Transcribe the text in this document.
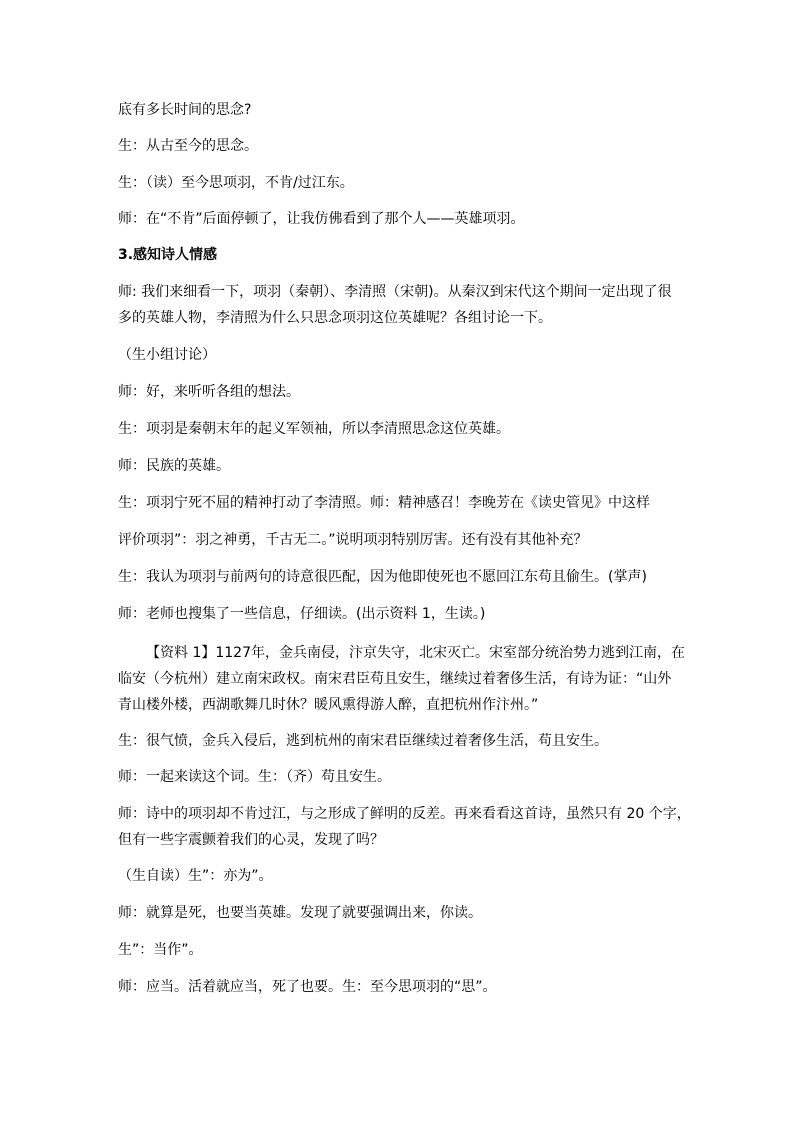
底有多长时间的思念?
生：从古至今的思念。
生：（读）至今思项羽，不肯/过江东。
师：在“不肯”后面停顿了，让我仿佛看到了那个人——英雄项羽。
3.感知诗人情感
师: 我们来细看一下，项羽（秦朝）、李清照（宋朝)。从秦汉到宋代这个期间一定出现了很
多的英雄人物，李清照为什么只思念项羽这位英雄呢？各组讨论一下。
（生小组讨论）
师：好，来听听各组的想法。
生：项羽是秦朝末年的起义军领袖，所以李清照思念这位英雄。
师：民族的英雄。
生：项羽宁死不屈的精神打动了李清照。师：精神感召！李晚芳在《读史管见》中这样
评价项羽”：羽之神勇，千古无二。”说明项羽特别厉害。还有没有其他补充？
生：我认为项羽与前两句的诗意很匹配，因为他即使死也不愿回江东苟且偷生。(掌声)
师：老师也搜集了一些信息，仔细读。(出示资料 1，生读。)
【资料 1】1127年，金兵南侵，汴京失守，北宋灭亡。宋室部分统治势力逃到江南，在
临安（今杭州）建立南宋政权。南宋君臣苟且安生，继续过着奢侈生活，有诗为证：“山外
青山楼外楼，西湖歌舞几时休？暖风熏得游人醉，直把杭州作汴州。”
生：很气愤，金兵入侵后，逃到杭州的南宋君臣继续过着奢侈生活，苟且安生。
师：一起来读这个词。生：（齐）苟且安生。
师：诗中的项羽却不肯过江，与之形成了鲜明的反差。再来看看这首诗，虽然只有 20 个字，
但有一些字震颤着我们的心灵，发现了吗？
（生自读）生”：亦为”。
师：就算是死，也要当英雄。发现了就要强调出来，你读。
生”：当作”。
师：应当。活着就应当，死了也要。生：至今思项羽的“思”。
